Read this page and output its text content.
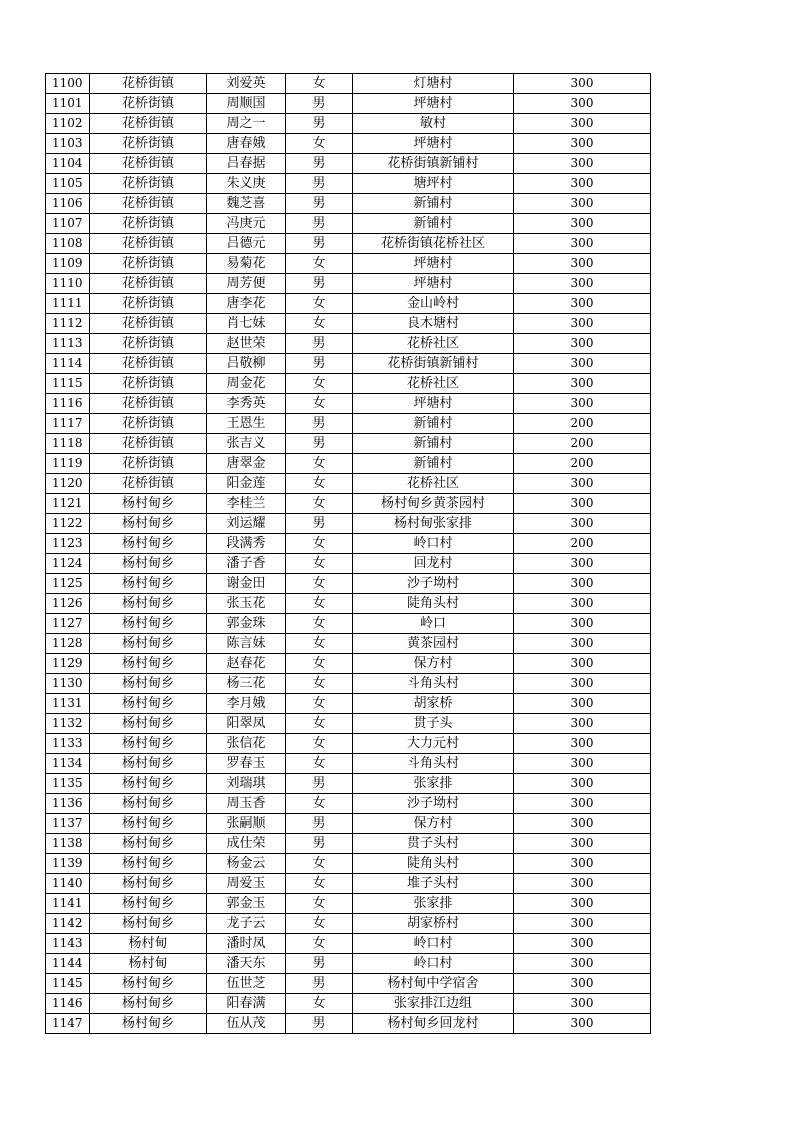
1100	花桥街镇	刘爱英	女	灯塘村	300
1101	花桥街镇	周顺国	男	坪塘村	300
1102	花桥街镇	周之一	男	敏村	300
1103	花桥街镇	唐春娥	女	坪塘村	300
1104	花桥街镇	吕春据	男	花桥街镇新铺村	300
1105	花桥街镇	朱义庚	男	塘坪村	300
1106	花桥街镇	魏芝喜	男	新铺村	300
1107	花桥街镇	冯庚元	男	新铺村	300
1108	花桥街镇	吕德元	男	花桥街镇花桥社区	300
1109	花桥街镇	易菊花	女	坪塘村	300
1110	花桥街镇	周芳便	男	坪塘村	300
1111	花桥街镇	唐李花	女	金山岭村	300
1112	花桥街镇	肖七妹	女	良木塘村	300
1113	花桥街镇	赵世荣	男	花桥社区	300
1114	花桥街镇	吕敬柳	男	花桥街镇新铺村	300
1115	花桥街镇	周金花	女	花桥社区	300
1116	花桥街镇	李秀英	女	坪塘村	300
1117	花桥街镇	王恩生	男	新铺村	200
1118	花桥街镇	张吉义	男	新铺村	200
1119	花桥街镇	唐翠金	女	新铺村	200
1120	花桥街镇	阳金莲	女	花桥社区	300
1121	杨村甸乡	李桂兰	女	杨村甸乡黄茶园村	300
1122	杨村甸乡	刘运耀	男	杨村甸张家排	300
1123	杨村甸乡	段满秀	女	岭口村	200
1124	杨村甸乡	潘子香	女	回龙村	300
1125	杨村甸乡	谢金田	女	沙子坳村	300
1126	杨村甸乡	张玉花	女	陡角头村	300
1127	杨村甸乡	郭金珠	女	岭口	300
1128	杨村甸乡	陈言妹	女	黄茶园村	300
1129	杨村甸乡	赵春花	女	保方村	300
1130	杨村甸乡	杨三花	女	斗角头村	300
1131	杨村甸乡	李月娥	女	胡家桥	300
1132	杨村甸乡	阳翠凤	女	贯子头	300
1133	杨村甸乡	张信花	女	大力元村	300
1134	杨村甸乡	罗春玉	女	斗角头村	300
1135	杨村甸乡	刘瑞琪	男	张家排	300
1136	杨村甸乡	周玉香	女	沙子坳村	300
1137	杨村甸乡	张嗣顺	男	保方村	300
1138	杨村甸乡	成仕荣	男	贯子头村	300
1139	杨村甸乡	杨金云	女	陡角头村	300
1140	杨村甸乡	周爱玉	女	堆子头村	300
1141	杨村甸乡	郭金玉	女	张家排	300
1142	杨村甸乡	龙子云	女	胡家桥村	300
1143	杨村甸	潘时凤	女	岭口村	300
1144	杨村甸	潘天东	男	岭口村	300
1145	杨村甸乡	伍世芝	男	杨村甸中学宿舍	300
1146	杨村甸乡	阳春满	女	张家排江边组	300
1147	杨村甸乡	伍从茂	男	杨村甸乡回龙村	300
